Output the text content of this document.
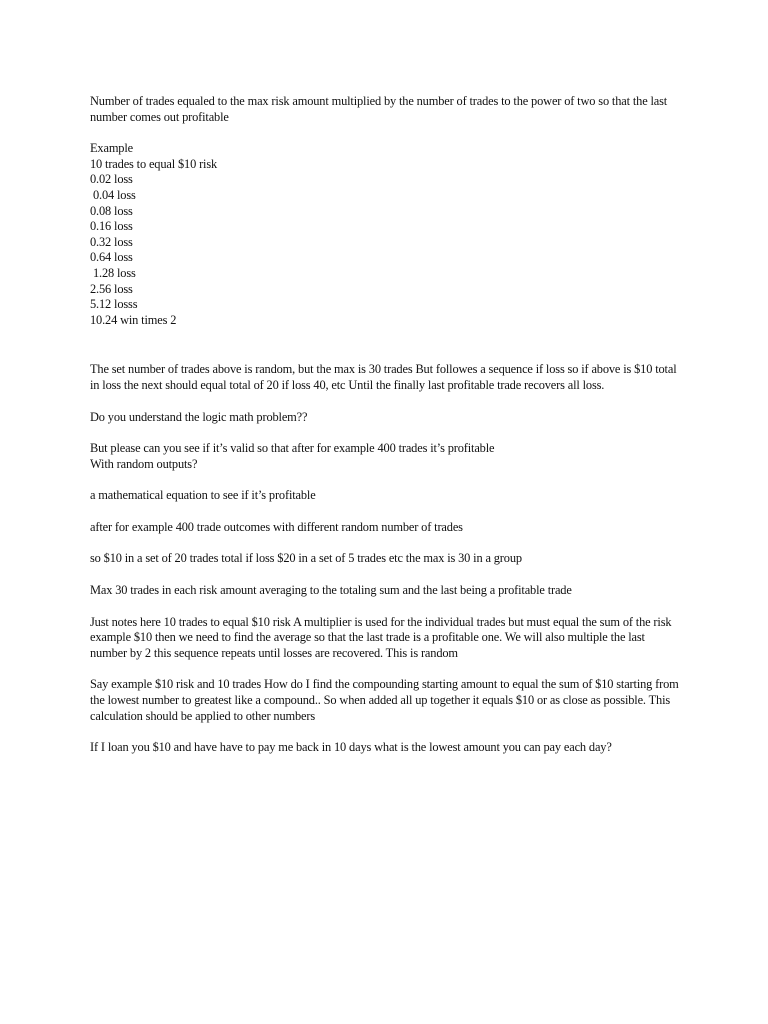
Number of trades equaled to the max risk amount multiplied by the number of trades to the power of two so that the last number comes out profitable

Example
10 trades to equal $10 risk
0.02 loss
0.04 loss
0.08 loss
0.16 loss
0.32 loss
0.64 loss
1.28 loss
2.56 loss
5.12 losss
10.24 win times 2

The set number of trades above is random, but the max is 30 trades But followes a sequence if loss so if above is $10 total in loss the next should equal total of 20 if loss 40, etc Until the finally last profitable trade recovers all loss.

Do you understand the logic math problem??

But please can you see if it’s valid so that after for example 400 trades it’s profitable
With random outputs?

a mathematical equation to see if it’s profitable

after for example 400 trade outcomes with different random number of trades

so $10 in a set of 20 trades total if loss $20 in a set of 5 trades etc the max is 30 in a group

Max 30 trades in each risk amount averaging to the totaling sum and the last being a profitable trade

Just notes here 10 trades to equal $10 risk A multiplier is used for the individual trades but must equal the sum of the risk example $10 then we need to find the average so that the last trade is a profitable one. We will also multiple the last number by 2 this sequence repeats until losses are recovered. This is random

Say example $10 risk and 10 trades How do I find the compounding starting amount to equal the sum of $10 starting from the lowest number to greatest like a compound.. So when added all up together it equals $10 or as close as possible. This calculation should be applied to other numbers

If I loan you $10 and have have to pay me back in 10 days what is the lowest amount you can pay each day?
